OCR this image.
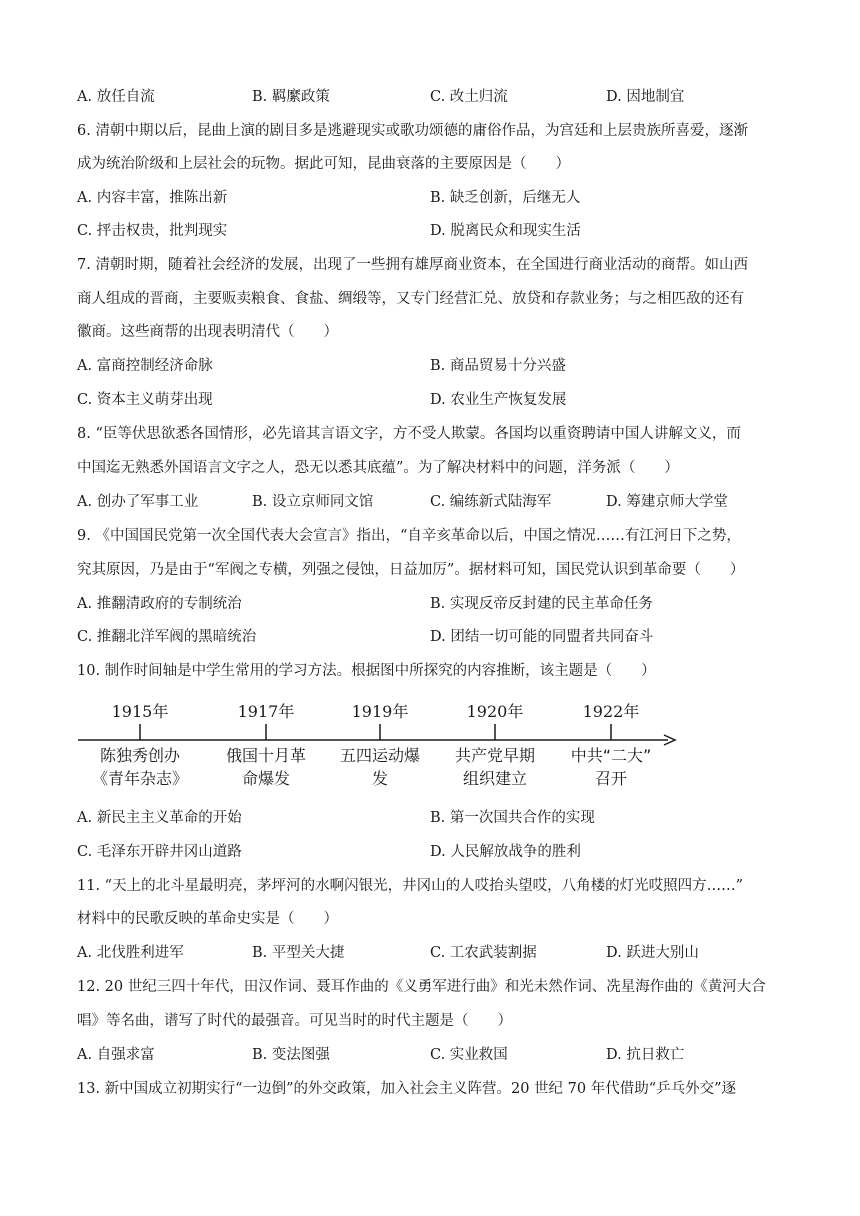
A. 放任自流	B. 羁縻政策	C. 改土归流	D. 因地制宜
6. 清朝中期以后，昆曲上演的剧目多是逃避现实或歌功颂德的庸俗作品，为宫廷和上层贵族所喜爱，逐渐
成为统治阶级和上层社会的玩物。据此可知，昆曲衰落的主要原因是（　　）
A. 内容丰富，推陈出新	B. 缺乏创新，后继无人
C. 抨击权贵，批判现实	D. 脱离民众和现实生活
7. 清朝时期，随着社会经济的发展，出现了一些拥有雄厚商业资本，在全国进行商业活动的商帮。如山西
商人组成的晋商，主要贩卖粮食、食盐、绸缎等，又专门经营汇兑、放贷和存款业务；与之相匹敌的还有
徽商。这些商帮的出现表明清代（　　）
A. 富商控制经济命脉	B. 商品贸易十分兴盛
C. 资本主义萌芽出现	D. 农业生产恢复发展
8. “臣等伏思欲悉各国情形，必先谙其言语文字，方不受人欺蒙。各国均以重资聘请中国人讲解文义，而
中国迄无熟悉外国语言文字之人，恐无以悉其底蕴”。为了解决材料中的问题，洋务派（　　）
A. 创办了军事工业	B. 设立京师同文馆	C. 编练新式陆海军	D. 筹建京师大学堂
9. 《中国国民党第一次全国代表大会宣言》指出，“自辛亥革命以后，中国之情况……有江河日下之势，
究其原因，乃是由于“军阀之专横，列强之侵蚀，日益加厉”。据材料可知，国民党认识到革命要（　　）
A. 推翻清政府的专制统治	B. 实现反帝反封建的民主革命任务
C. 推翻北洋军阀的黑暗统治	D. 团结一切可能的同盟者共同奋斗
10. 制作时间轴是中学生常用的学习方法。根据图中所探究的内容推断，该主题是（　　）
1915年
陈独秀创办
《青年杂志》
1917年
俄国十月革
命爆发
1919年
五四运动爆
发
1920年
共产党早期
组织建立
1922年
中共“二大”
召开
A. 新民主主义革命的开始	B. 第一次国共合作的实现
C. 毛泽东开辟井冈山道路	D. 人民解放战争的胜利
11. “天上的北斗星最明亮，茅坪河的水啊闪银光，井冈山的人哎抬头望哎，八角楼的灯光哎照四方……”
材料中的民歌反映的革命史实是（　　）
A. 北伐胜利进军	B. 平型关大捷	C. 工农武装割据	D. 跃进大别山
12. 20 世纪三四十年代，田汉作词、聂耳作曲的《义勇军进行曲》和光未然作词、冼星海作曲的《黄河大合
唱》等名曲，谱写了时代的最强音。可见当时的时代主题是（　　）
A. 自强求富	B. 变法图强	C. 实业救国	D. 抗日救亡
13. 新中国成立初期实行“一边倒”的外交政策，加入社会主义阵营。20 世纪 70 年代借助“乒乓外交”逐
